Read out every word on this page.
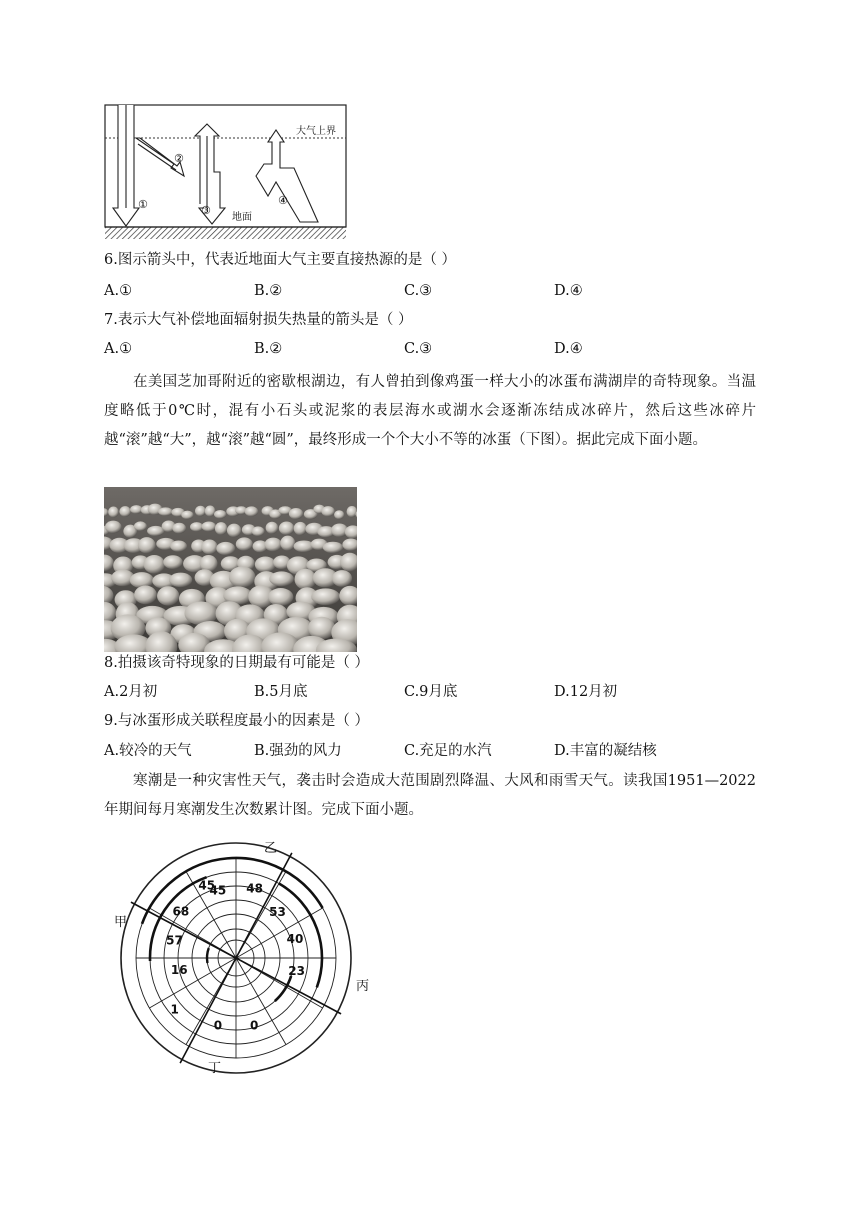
大气上界
地面
①
②
③
④
6.图示箭头中，代表近地面大气主要直接热源的是（ ）
A.①	B.②	C.③	D.④
7.表示大气补偿地面辐射损失热量的箭头是（ ）
A.①	B.②	C.③	D.④

在美国芝加哥附近的密歇根湖边，有人曾拍到像鸡蛋一样大小的冰蛋布满湖岸的奇特现象。当温度略低于0℃时，混有小石头或泥浆的表层海水或湖水会逐渐冻结成冰碎片，然后这些冰碎片越“滚”越“大”，越“滚”越“圆”，最终形成一个个大小不等的冰蛋（下图）。据此完成下面小题。

8.拍摄该奇特现象的日期最有可能是（ ）
A.2月初	B.5月底	C.9月底	D.12月初
9.与冰蛋形成关联程度最小的因素是（ ）
A.较冷的天气	B.强劲的风力	C.充足的水汽	D.丰富的凝结核

寒潮是一种灾害性天气，袭击时会造成大范围剧烈降温、大风和雨雪天气。读我国1951—2022年期间每月寒潮发生次数累计图。完成下面小题。

45 48
53
40
23
0
0
1
16
57
68
45
甲
乙
丙
丁
